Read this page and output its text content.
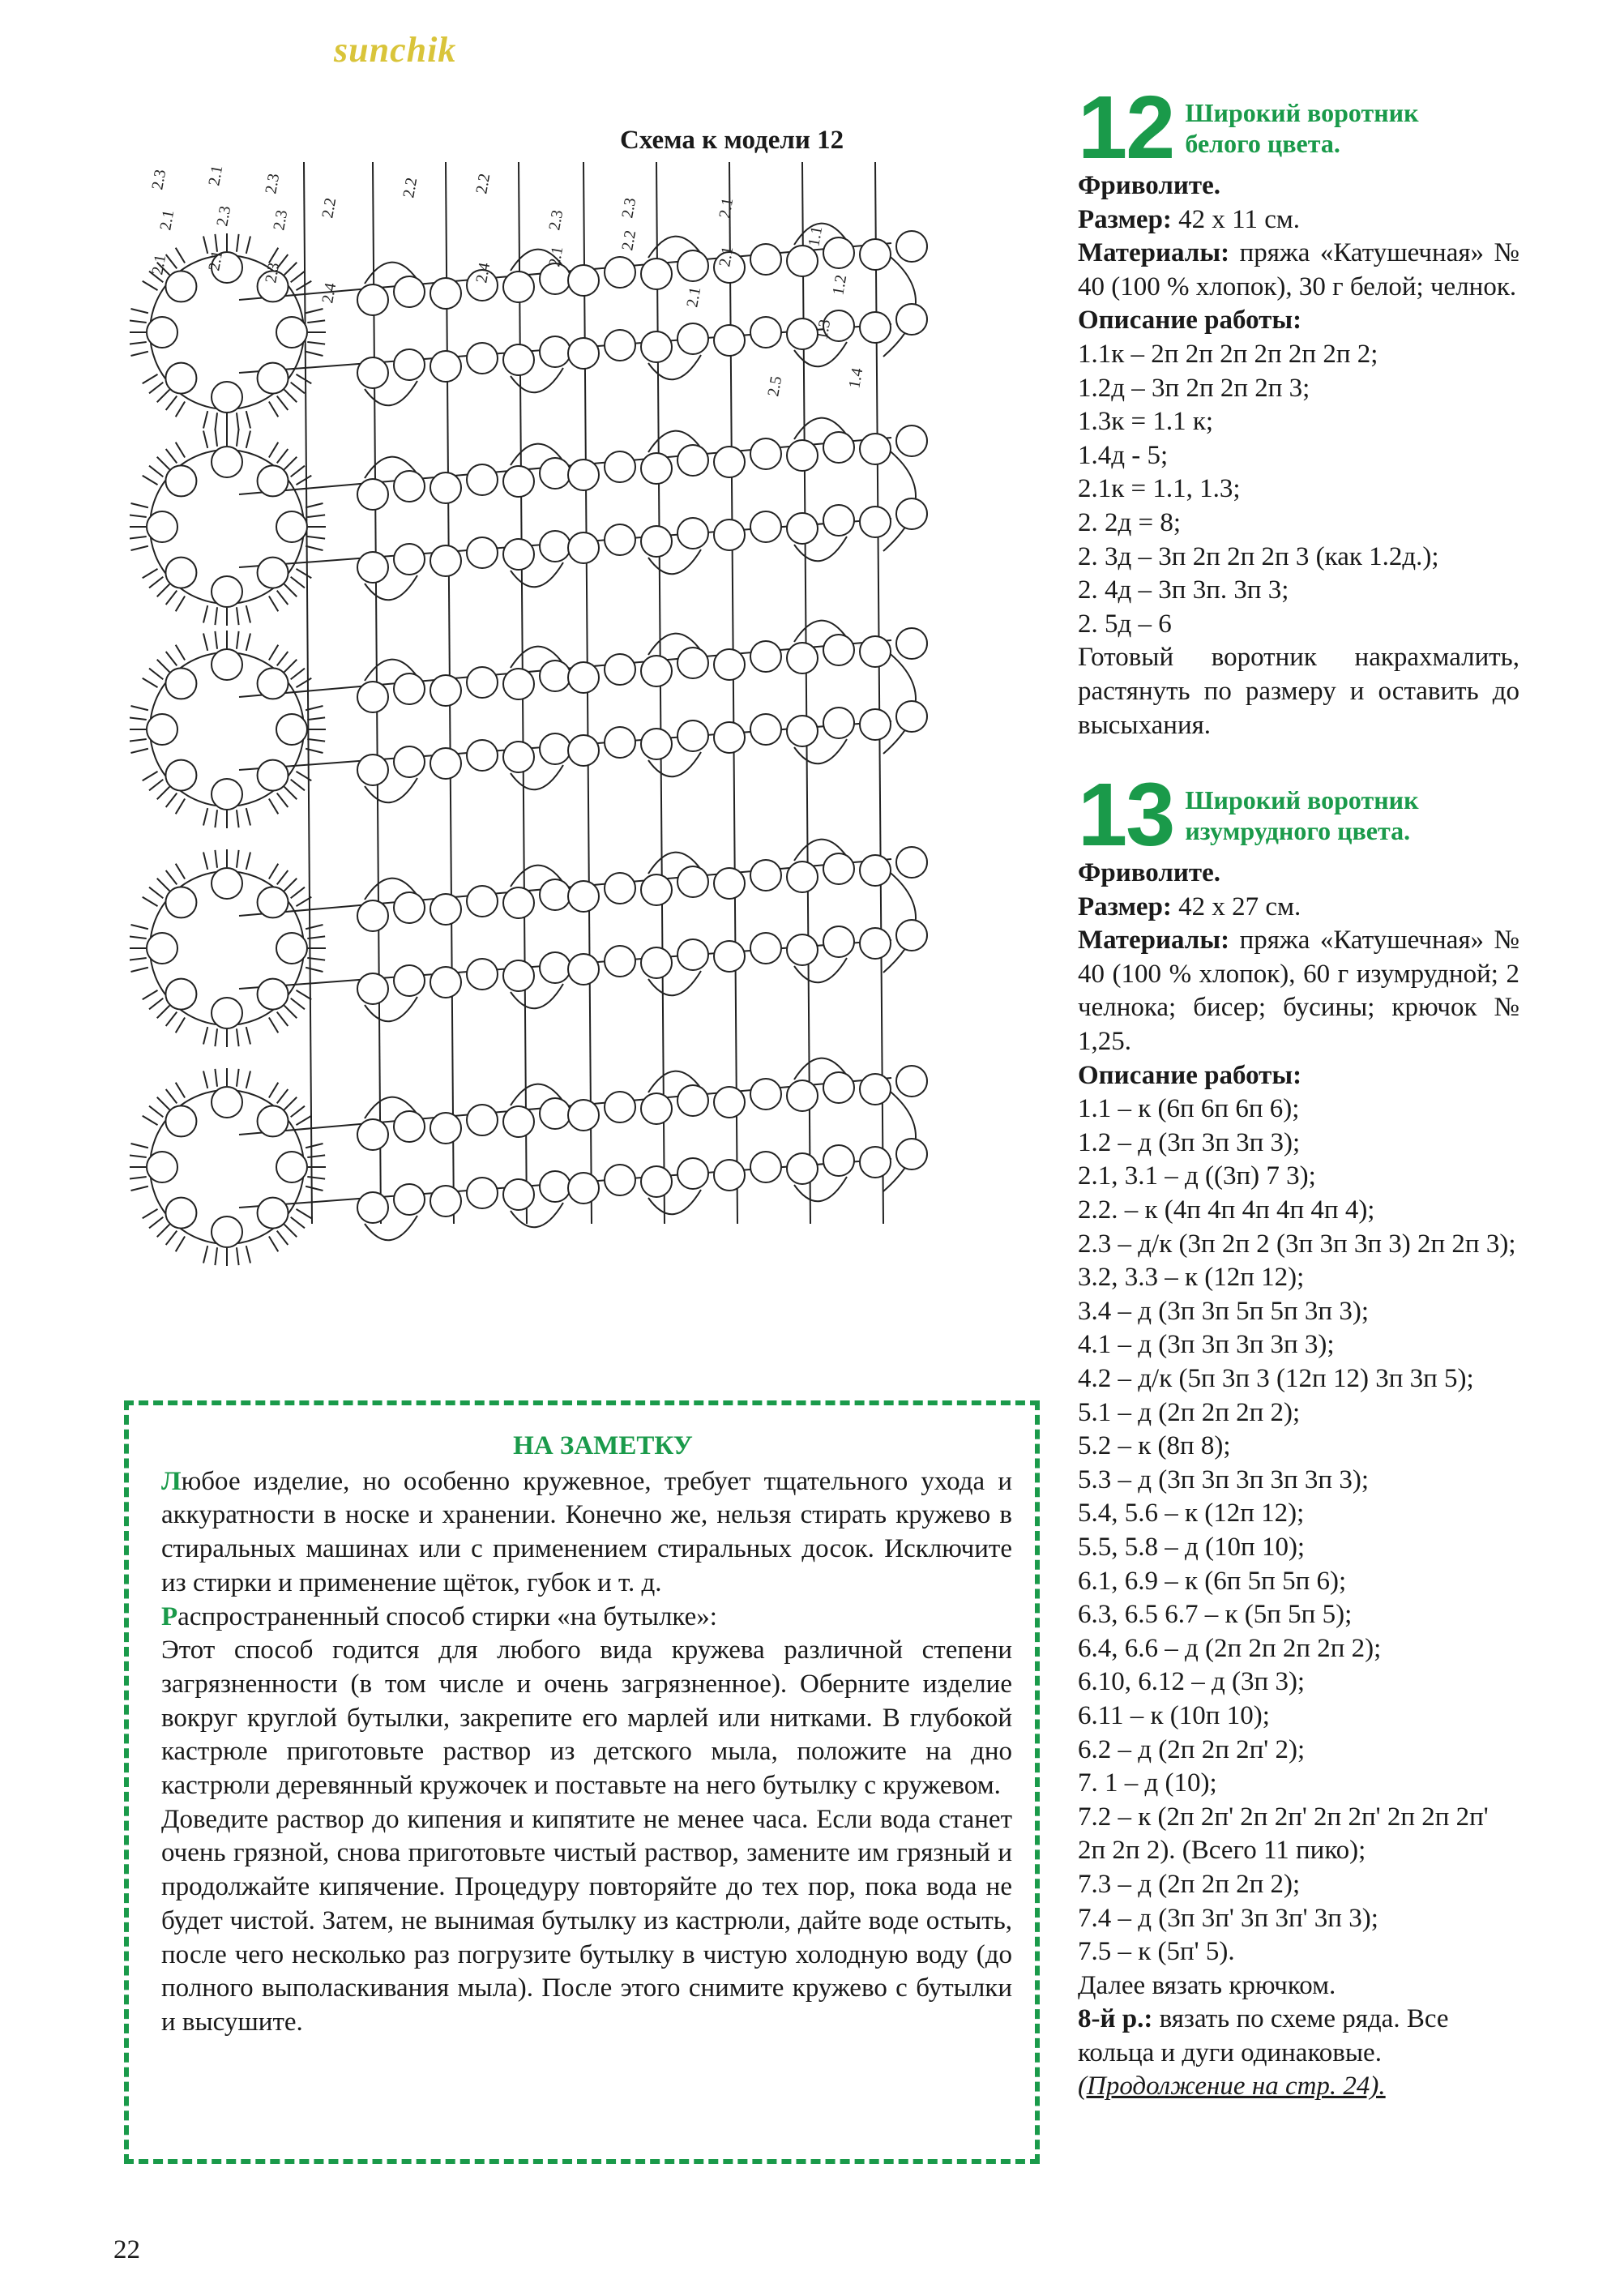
sunchik
Схема к модели 12
2.3 2.1 2.3
2.1 2.3 2.3
2.1 2.1
2.3
2.2
2.2
2.4
2.4
2.2
2.3
2.1
2.3
2.2
2.1
2.1
1.1
1.2
1.3
2.5	1.4
2.1
12 Широкий воротник
белого цвета.

Фриволите.

Размер: 42 х 11 см.

Материалы: пряжа «Катушечная» № 40 (100 % хлопок), 30 г белой; челнок.

Описание работы:

1.1к – 2п 2п 2п 2п 2п 2п 2;

1.2д – 3п 2п 2п 2п 3;

1.3к = 1.1 к;

1.4д - 5;

2.1к = 1.1, 1.3;

2. 2д = 8;

2. 3д – 3п 2п 2п 2п 3 (как 1.2д.);

2. 4д – 3п 3п. 3п 3;

2. 5д – 6

Готовый воротник накрахмалить, растянуть по размеру и оставить до высыхания.

13 Широкий воротник
изумрудного цвета.

Фриволите.

Размер: 42 х 27 см.

Материалы: пряжа «Катушечная» № 40 (100 % хлопок), 60 г изумрудной; 2 челнока; бисер; бусины; крючок № 1,25.

Описание работы:

1.1 – к (6п 6п 6п 6);

1.2 – д (3п 3п 3п 3);

2.1, 3.1 – д ((3п) 7 3);

2.2. – к (4п 4п 4п 4п 4п 4);

2.3 – д/к (3п 2п 2 (3п 3п 3п 3) 2п 2п 3);

3.2, 3.3 – к (12п 12);

3.4 – д (3п 3п 5п 5п 3п 3);

4.1 – д (3п 3п 3п 3п 3);

4.2 – д/к (5п 3п 3 (12п 12) 3п 3п 5);

5.1 – д (2п 2п 2п 2);

5.2 – к (8п 8);

5.3 – д (3п 3п 3п 3п 3п 3);

5.4, 5.6 – к (12п 12);

5.5, 5.8 – д (10п 10);

6.1, 6.9 – к (6п 5п 5п 6);

6.3, 6.5 6.7 – к (5п 5п 5);

6.4, 6.6 – д (2п 2п 2п 2п 2);

6.10, 6.12 – д (3п 3);

6.11 – к (10п 10);

6.2 – д (2п 2п 2п' 2);

7. 1 – д (10);

7.2 – к (2п 2п' 2п 2п' 2п 2п' 2п 2п 2п' 2п 2п 2). (Всего 11 пико);

7.3 – д (2п 2п 2п 2);

7.4 – д (3п 3п' 3п 3п' 3п 3);

7.5 – к (5п' 5).

Далее вязать крючком.

8-й р.: вязать по схеме ряда. Все кольца и дуги одинаковые.

(Продолжение на стр. 24).

НА ЗАМЕТКУ

Любое изделие, но особенно кружевное, требует тщательного ухода и аккуратности в носке и хранении. Конечно же, нельзя стирать кружево в стиральных машинах или с применением стиральных досок. Исключите из стирки и применение щёток, губок и т. д.

Распространенный способ стирки «на бутылке»:

Этот способ годится для любого вида кружева различной степени загрязненности (в том числе и очень загрязненное). Оберните изделие вокруг круглой бутылки, закрепите его марлей или нитками. В глубокой кастрюле приготовьте раствор из детского мыла, положите на дно кастрюли деревянный кружочек и поставьте на него бутылку с кружевом.

Доведите раствор до кипения и кипятите не менее часа. Если вода станет очень грязной, снова приготовьте чистый раствор, замените им грязный и продолжайте кипячение. Процедуру повторяйте до тех пор, пока вода не будет чистой. Затем, не вынимая бутылку из кастрюли, дайте воде остыть, после чего несколько раз погрузите бутылку в чистую холодную воду (до полного выполаскивания мыла). После этого снимите кружево с бутылки и высушите.

22
